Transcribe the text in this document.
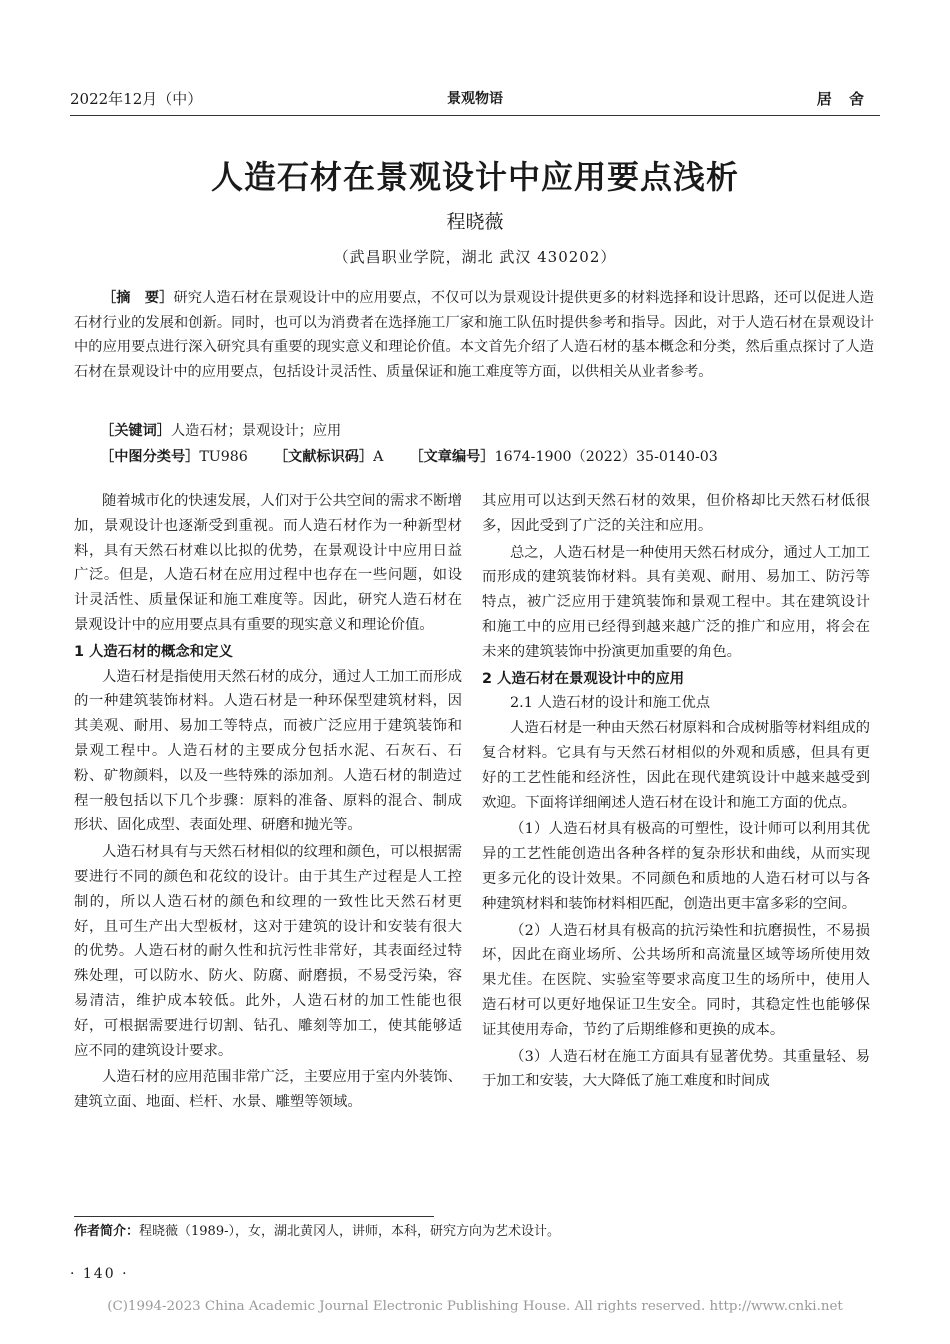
2022年12月（中）	景观物语	居 舍
人造石材在景观设计中应用要点浅析
程晓薇
（武昌职业学院，湖北 武汉 430202）
［摘　要］研究人造石材在景观设计中的应用要点，不仅可以为景观设计提供更多的材料选择和设计思路，还可以促进人造石材行业的发展和创新。同时，也可以为消费者在选择施工厂家和施工队伍时提供参考和指导。因此，对于人造石材在景观设计中的应用要点进行深入研究具有重要的现实意义和理论价值。本文首先介绍了人造石材的基本概念和分类，然后重点探讨了人造石材在景观设计中的应用要点，包括设计灵活性、质量保证和施工难度等方面，以供相关从业者参考。
［关键词］人造石材；景观设计；应用
［中图分类号］TU986 ［文献标识码］A ［文章编号］1674-1900（2022）35-0140-03

随着城市化的快速发展，人们对于公共空间的需求不断增加，景观设计也逐渐受到重视。而人造石材作为一种新型材料，具有天然石材难以比拟的优势，在景观设计中应用日益广泛。但是，人造石材在应用过程中也存在一些问题，如设计灵活性、质量保证和施工难度等。因此，研究人造石材在景观设计中的应用要点具有重要的现实意义和理论价值。

1 人造石材的概念和定义

人造石材是指使用天然石材的成分，通过人工加工而形成的一种建筑装饰材料。人造石材是一种环保型建筑材料，因其美观、耐用、易加工等特点，而被广泛应用于建筑装饰和景观工程中。人造石材的主要成分包括水泥、石灰石、石粉、矿物颜料，以及一些特殊的添加剂。人造石材的制造过程一般包括以下几个步骤：原料的准备、原料的混合、制成形状、固化成型、表面处理、研磨和抛光等。

人造石材具有与天然石材相似的纹理和颜色，可以根据需要进行不同的颜色和花纹的设计。由于其生产过程是人工控制的，所以人造石材的颜色和纹理的一致性比天然石材更好，且可生产出大型板材，这对于建筑的设计和安装有很大的优势。人造石材的耐久性和抗污性非常好，其表面经过特殊处理，可以防水、防火、防腐、耐磨损，不易受污染，容易清洁，维护成本较低。此外，人造石材的加工性能也很好，可根据需要进行切割、钻孔、雕刻等加工，使其能够适应不同的建筑设计要求。

人造石材的应用范围非常广泛，主要应用于室内外装饰、建筑立面、地面、栏杆、水景、雕塑等领域。

其应用可以达到天然石材的效果，但价格却比天然石材低很多，因此受到了广泛的关注和应用。

总之，人造石材是一种使用天然石材成分，通过人工加工而形成的建筑装饰材料。具有美观、耐用、易加工、防污等特点，被广泛应用于建筑装饰和景观工程中。其在建筑设计和施工中的应用已经得到越来越广泛的推广和应用，将会在未来的建筑装饰中扮演更加重要的角色。

2 人造石材在景观设计中的应用
2.1 人造石材的设计和施工优点

人造石材是一种由天然石材原料和合成树脂等材料组成的复合材料。它具有与天然石材相似的外观和质感，但具有更好的工艺性能和经济性，因此在现代建筑设计中越来越受到欢迎。下面将详细阐述人造石材在设计和施工方面的优点。

（1）人造石材具有极高的可塑性，设计师可以利用其优异的工艺性能创造出各种各样的复杂形状和曲线，从而实现更多元化的设计效果。不同颜色和质地的人造石材可以与各种建筑材料和装饰材料相匹配，创造出更丰富多彩的空间。

（2）人造石材具有极高的抗污染性和抗磨损性，不易损坏，因此在商业场所、公共场所和高流量区域等场所使用效果尤佳。在医院、实验室等要求高度卫生的场所中，使用人造石材可以更好地保证卫生安全。同时，其稳定性也能够保证其使用寿命，节约了后期维修和更换的成本。

（3）人造石材在施工方面具有显著优势。其重量轻、易于加工和安装，大大降低了施工难度和时间成

作者简介：程晓薇（1989-），女，湖北黄冈人，讲师，本科，研究方向为艺术设计。
· 140 ·
(C)1994-2023 China Academic Journal Electronic Publishing House. All rights reserved. http://www.cnki.net
